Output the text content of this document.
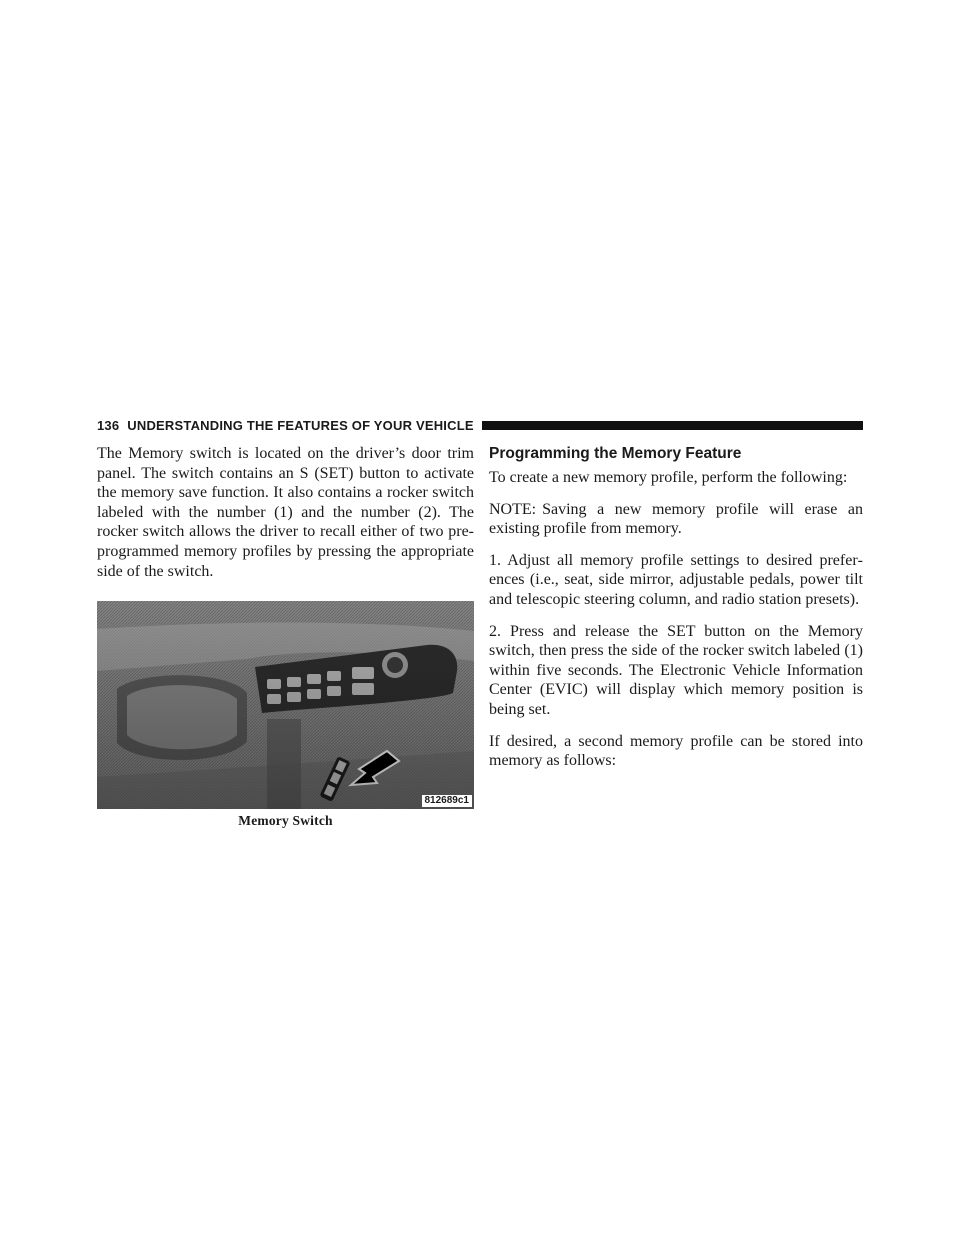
136 UNDERSTANDING THE FEATURES OF YOUR VEHICLE

The Memory switch is located on the driver’s door trim panel. The switch contains an S (SET) button to activate the memory save function. It also contains a rocker switch labeled with the number (1) and the number (2). The rocker switch allows the driver to recall either of two pre-programmed memory profiles by pressing the appropriate side of the switch.

812689c1
Memory Switch
Programming the Memory Feature

To create a new memory profile, perform the following:

NOTE: Saving a new memory profile will erase an existing profile from memory.

1. Adjust all memory profile settings to desired preferences (i.e., seat, side mirror, adjustable pedals, power tilt and telescopic steering column, and radio station presets).

2. Press and release the SET button on the Memory switch, then press the side of the rocker switch labeled (1) within five seconds. The Electronic Vehicle Information Center (EVIC) will display which memory position is being set.

If desired, a second memory profile can be stored into memory as follows:
